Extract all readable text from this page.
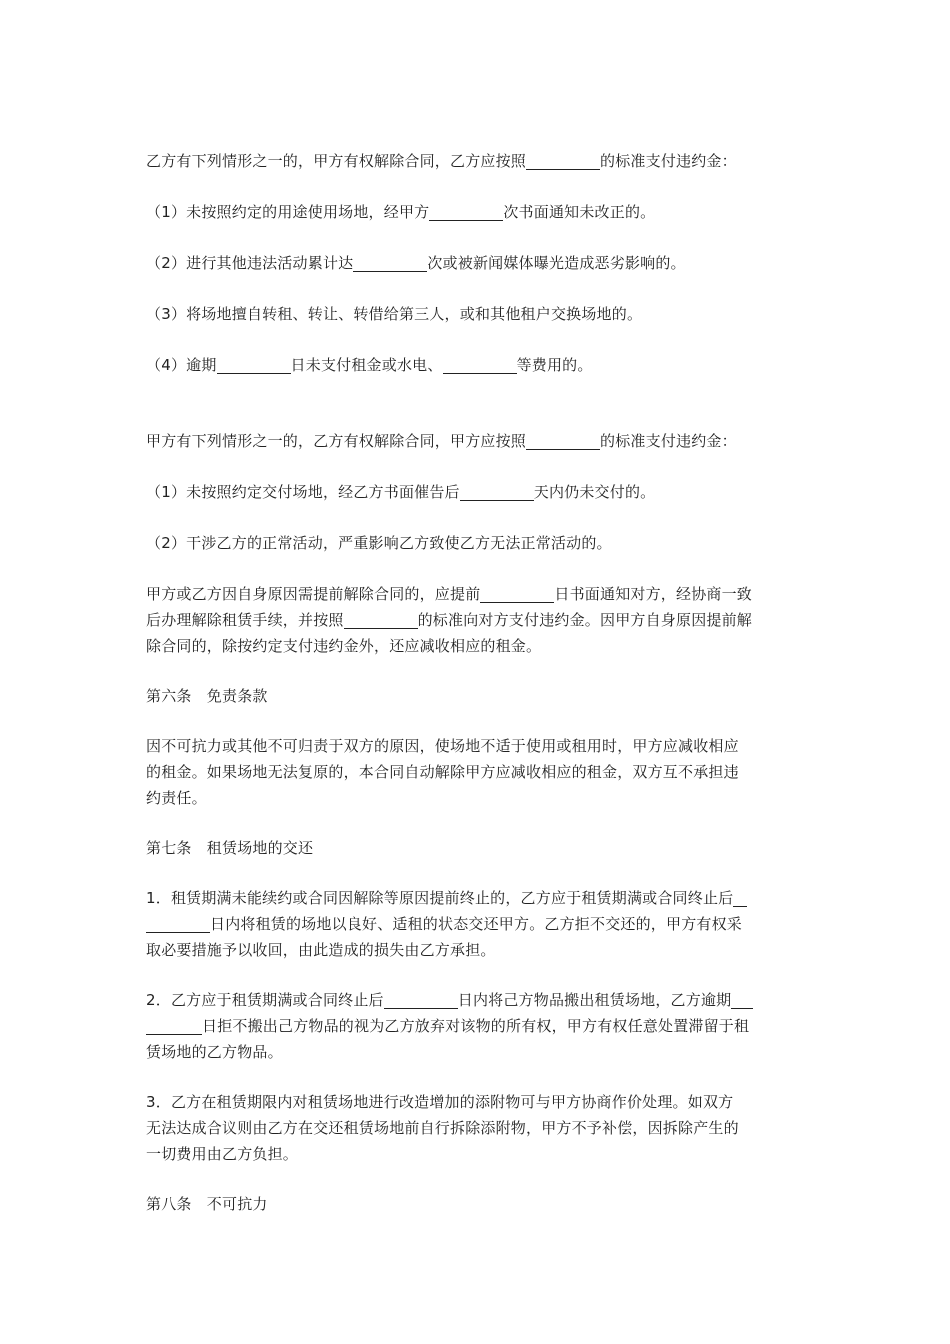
乙方有下列情形之一的，甲方有权解除合同，乙方应按照	的标准支付违约金：

（1）未按照约定的用途使用场地，经甲方	次书面通知未改正的。

（2）进行其他违法活动累计达	次或被新闻媒体曝光造成恶劣影响的。

（3）将场地擅自转租、转让、转借给第三人，或和其他租户交换场地的。

（4）逾期	日未支付租金或水电、	等费用的。

甲方有下列情形之一的，乙方有权解除合同，甲方应按照	的标准支付违约金：

（1）未按照约定交付场地，经乙方书面催告后	天内仍未交付的。

（2）干涉乙方的正常活动，严重影响乙方致使乙方无法正常活动的。

甲方或乙方因自身原因需提前解除合同的，应提前	日书面通知对方，经协商一致

后办理解除租赁手续，并按照	的标准向对方支付违约金。因甲方自身原因提前解

除合同的，除按约定支付违约金外，还应减收相应的租金。

第六条　免责条款

因不可抗力或其他不可归责于双方的原因，使场地不适于使用或租用时，甲方应减收相应

的租金。如果场地无法复原的，本合同自动解除甲方应减收相应的租金，双方互不承担违

约责任。

第七条　租赁场地的交还

1．租赁期满未能续约或合同因解除等原因提前终止的，乙方应于租赁期满或合同终止后

日内将租赁的场地以良好、适租的状态交还甲方。乙方拒不交还的，甲方有权采

取必要措施予以收回，由此造成的损失由乙方承担。

2．乙方应于租赁期满或合同终止后	日内将己方物品搬出租赁场地，乙方逾期

日拒不搬出己方物品的视为乙方放弃对该物的所有权，甲方有权任意处置滞留于租

赁场地的乙方物品。

3．乙方在租赁期限内对租赁场地进行改造增加的添附物可与甲方协商作价处理。如双方

无法达成合议则由乙方在交还租赁场地前自行拆除添附物，甲方不予补偿，因拆除产生的

一切费用由乙方负担。

第八条　不可抗力
